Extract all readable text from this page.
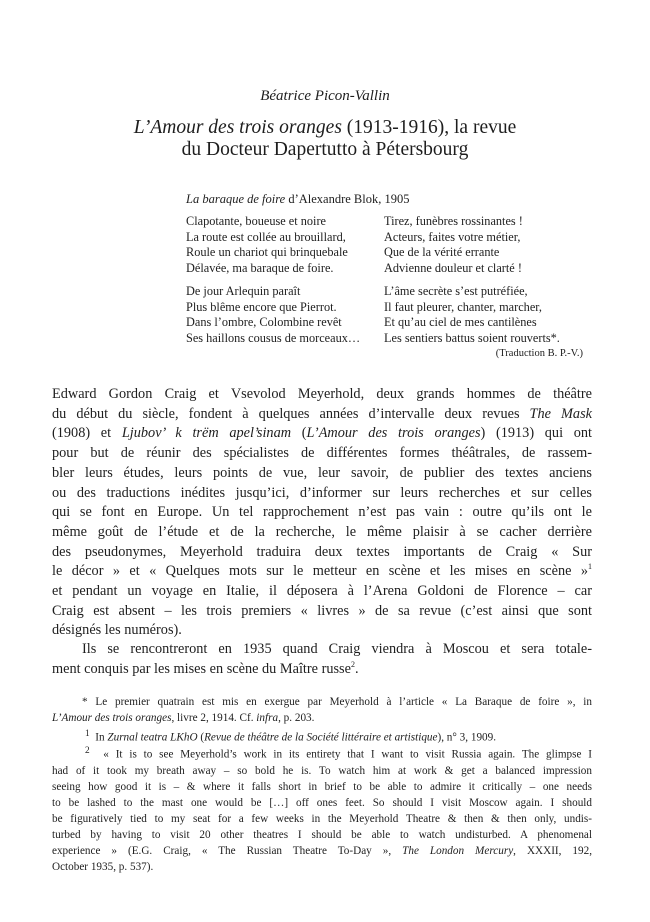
Béatrice Picon-Vallin
L’Amour des trois oranges (1913-1916), la revue
du Docteur Dapertutto à Pétersbourg
La baraque de foire d’Alexandre Blok, 1905
Clapotante, boueuse et noire
La route est collée au brouillard,
Roule un chariot qui brinquebale
Délavée, ma baraque de foire.
Tirez, funèbres rossinantes !
Acteurs, faites votre métier,
Que de la vérité errante
Advienne douleur et clarté !
De jour Arlequin paraît
Plus blême encore que Pierrot.
Dans l’ombre, Colombine revêt
Ses haillons cousus de morceaux…
L’âme secrète s’est putréfiée,
Il faut pleurer, chanter, marcher,
Et qu’au ciel de mes cantilènes
Les sentiers battus soient rouverts*.
(Traduction B. P.-V.)
Edward Gordon Craig et Vsevolod Meyerhold, deux grands hommes de théâtre
du début du siècle, fondent à quelques années d’intervalle deux revues The Mask
(1908) et Ljubov’ k trëm apel’sinam (L’Amour des trois oranges) (1913) qui ont
pour but de réunir des spécialistes de différentes formes théâtrales, de rassem-
bler leurs études, leurs points de vue, leur savoir, de publier des textes anciens
ou des traductions inédites jusqu’ici, d’informer sur leurs recherches et sur celles
qui se font en Europe. Un tel rapprochement n’est pas vain : outre qu’ils ont le
même goût de l’étude et de la recherche, le même plaisir à se cacher derrière
des pseudonymes, Meyerhold traduira deux textes importants de Craig « Sur
le décor » et « Quelques mots sur le metteur en scène et les mises en scène »$^1$
et pendant un voyage en Italie, il déposera à l’Arena Goldoni de Florence – car
Craig est absent – les trois premiers « livres » de sa revue (c’est ainsi que sont
désignés les numéros).
Ils se rencontreront en 1935 quand Craig viendra à Moscou et sera totale-
ment conquis par les mises en scène du Maître russe$^2$.
* Le premier quatrain est mis en exergue par Meyerhold à l’article « La Baraque de foire », in
L’Amour des trois oranges, livre 2, 1914. Cf. infra, p. 203.
$^1$ In Zurnal teatra LKhO (Revue de théâtre de la Société littéraire et artistique), n° 3, 1909.
$^2$ « It is to see Meyerhold’s work in its entirety that I want to visit Russia again. The glimpse I
had of it took my breath away – so bold he is. To watch him at work & get a balanced impression
seeing how good it is – & where it falls short in brief to be able to admire it critically – one needs
to be lashed to the mast one would be […] off ones feet. So should I visit Moscow again. I should
be figuratively tied to my seat for a few weeks in the Meyerhold Theatre & then & then only, undis-
turbed by having to visit 20 other theatres I should be able to watch undisturbed. A phenomenal
experience » (E.G. Craig, « The Russian Theatre To-Day », The London Mercury, XXXII, 192,
October 1935, p. 537).
